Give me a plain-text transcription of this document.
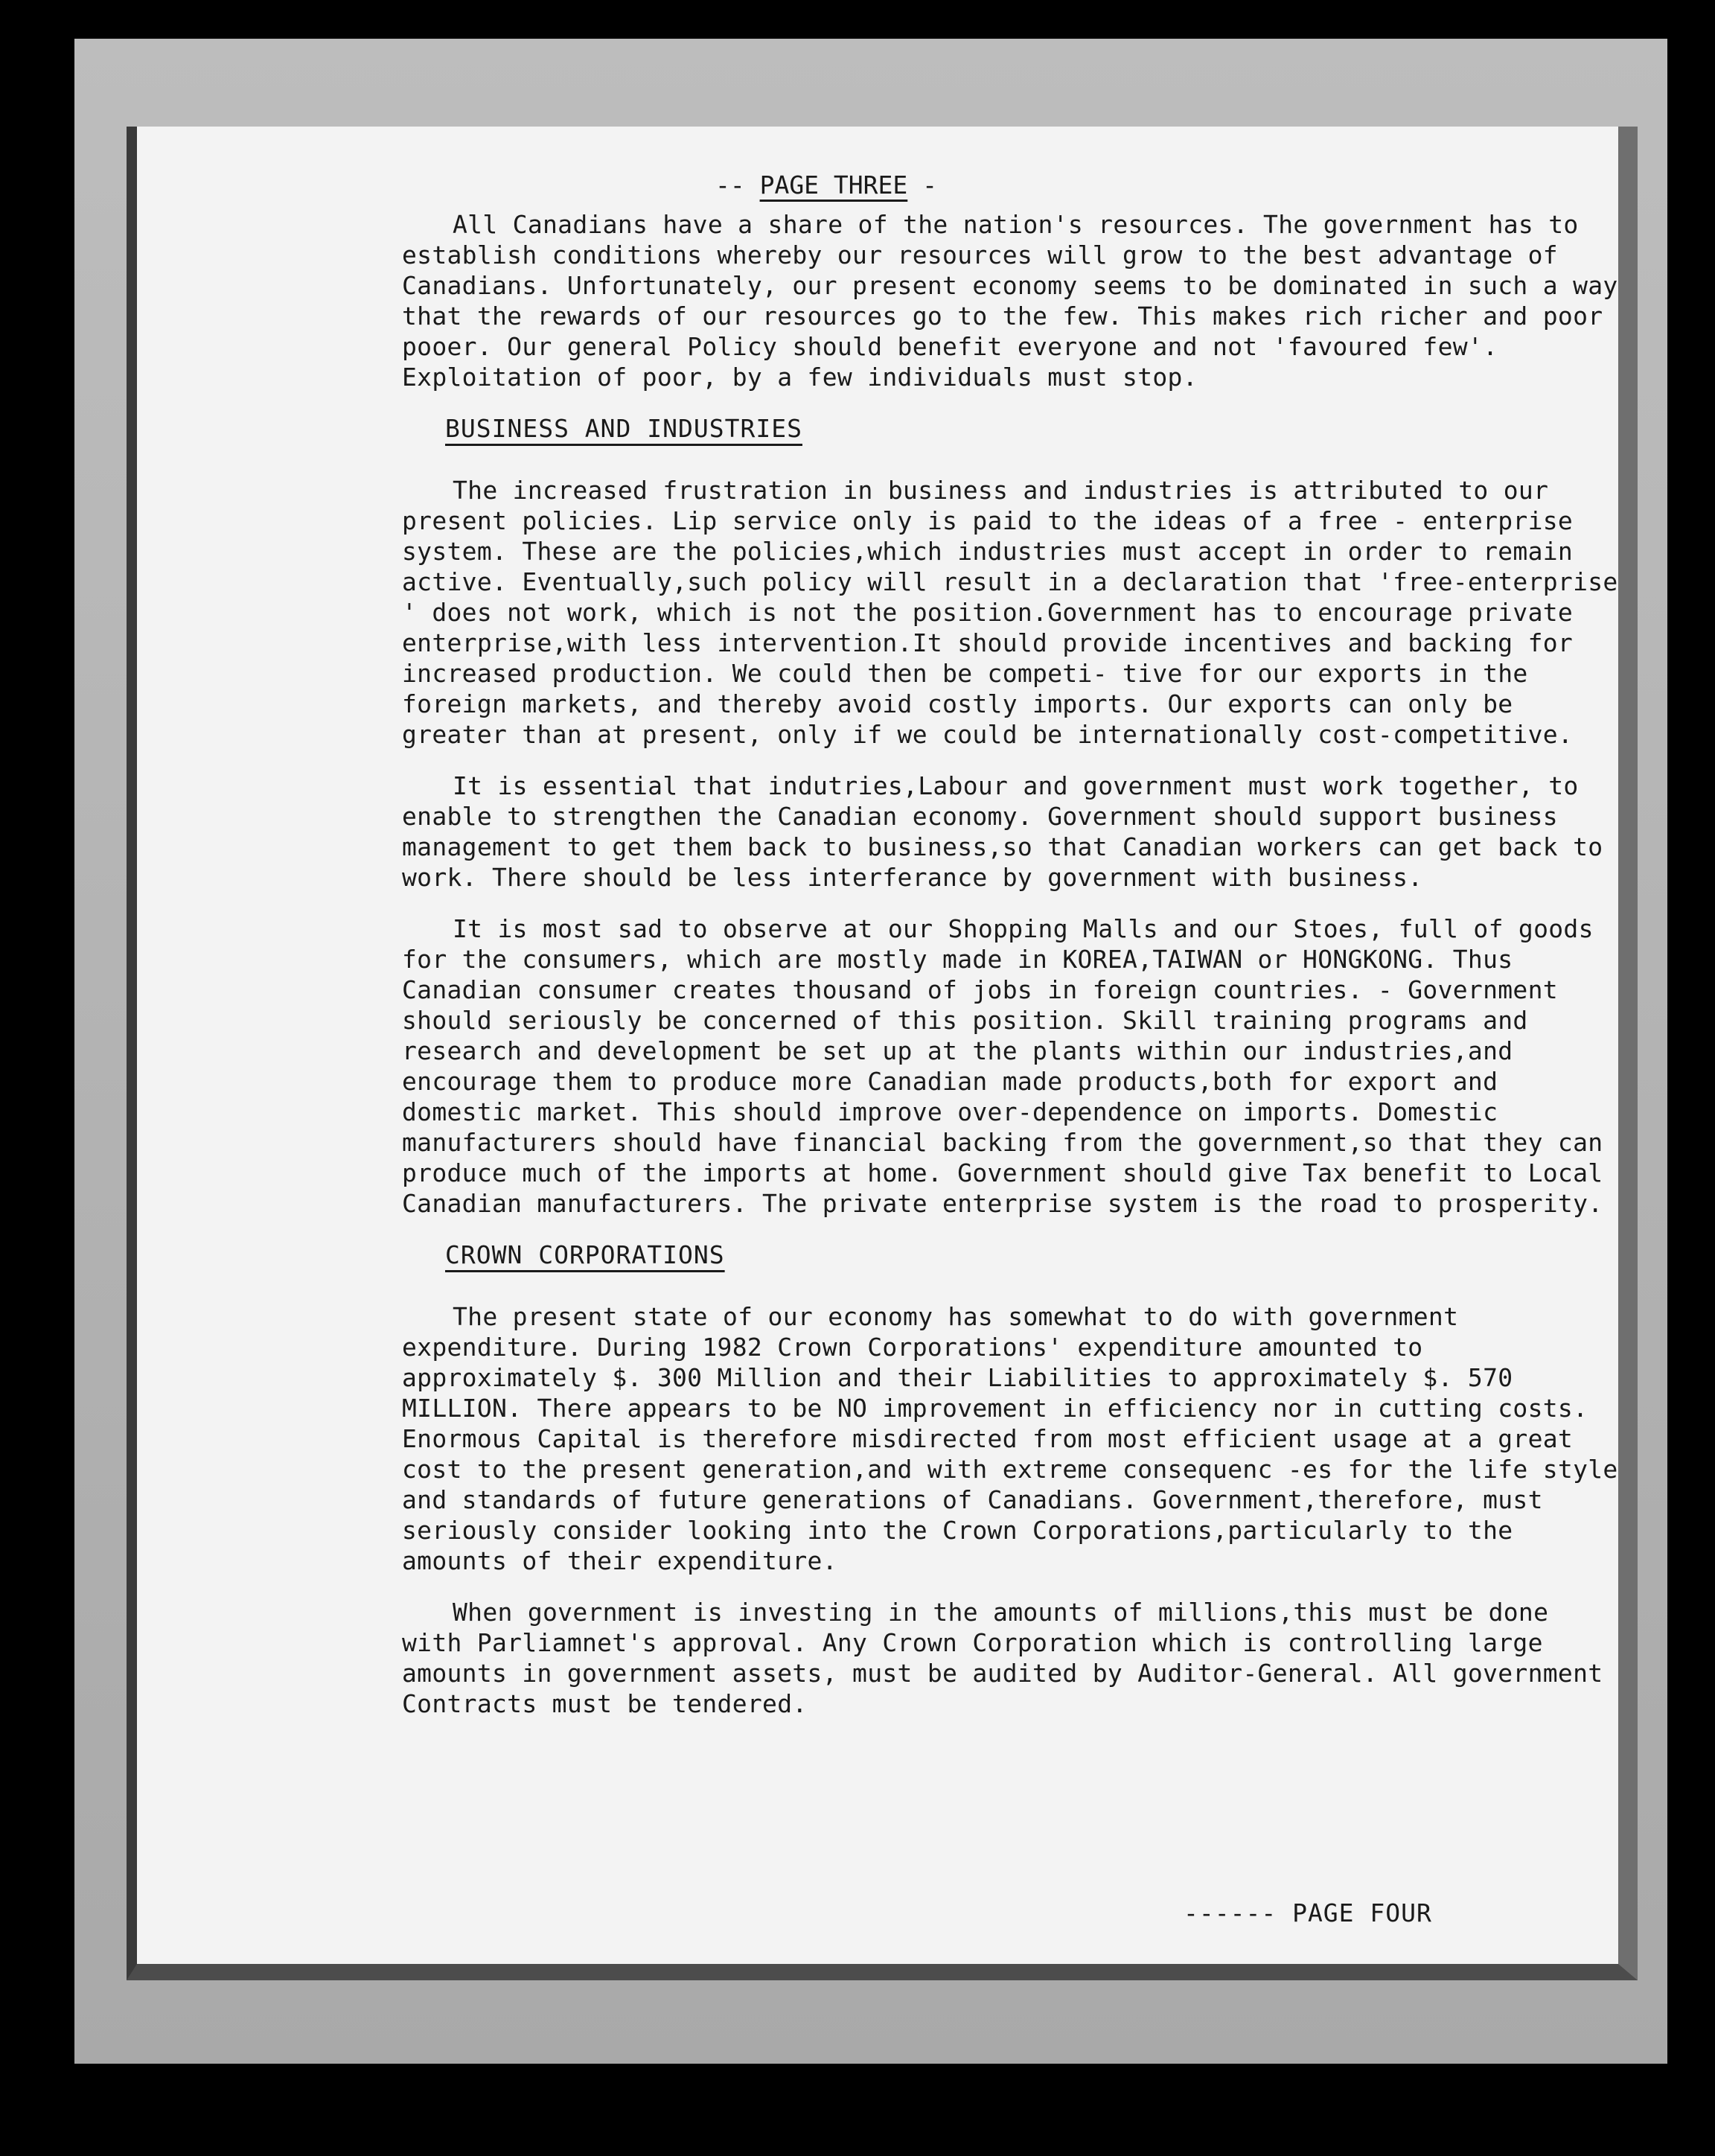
-- PAGE THREE -

All Canadians have a share of the nation's resources. The government has to establish conditions whereby our resources will grow to the best advantage of Canadians. Unfortunately, our present economy seems to be dominated in such a way that the rewards of our resources go to the few. This makes rich richer and poor pooer. Our general Policy should benefit everyone and not 'favoured few'. Exploitation of poor, by a few individuals must stop.

BUSINESS AND INDUSTRIES

The increased frustration in business and industries is attributed to our present policies. Lip service only is paid to the ideas of a free - enterprise system. These are the policies,which industries must accept in order to remain active. Eventually,such policy will result in a declaration that 'free-enterprise ' does not work, which is not the position.Government has to encourage private enterprise,with less intervention.It should provide incentives and backing for increased production. We could then be competi- tive for our exports in the foreign markets, and thereby avoid costly imports. Our exports can only be greater than at present, only if we could be internationally cost-competitive.

It is essential that indutries,Labour and government must work together, to enable to strengthen the Canadian economy. Government should support business management to get them back to business,so that Canadian workers can get back to work. There should be less interferance by government with business.

It is most sad to observe at our Shopping Malls and our Stoes, full of goods for the consumers, which are mostly made in KOREA,TAIWAN or HONGKONG. Thus Canadian consumer creates thousand of jobs in foreign countries. - Government should seriously be concerned of this position. Skill training programs and research and development be set up at the plants within our industries,and encourage them to produce more Canadian made products,both for export and domestic market. This should improve over-dependence on imports. Domestic manufacturers should have financial backing from the government,so that they can produce much of the imports at home. Government should give Tax benefit to Local Canadian manufacturers. The private enterprise system is the road to prosperity.

CROWN CORPORATIONS

The present state of our economy has somewhat to do with government expenditure. During 1982 Crown Corporations' expenditure amounted to approximately $. 300 Million and their Liabilities to approximately $. 570 MILLION. There appears to be NO improvement in efficiency nor in cutting costs. Enormous Capital is therefore misdirected from most efficient usage at a great cost to the present generation,and with extreme consequenc -es for the life style and standards of future generations of Canadians. Government,therefore, must seriously consider looking into the Crown Corporations,particularly to the amounts of their expenditure.

When government is investing in the amounts of millions,this must be done with Parliamnet's approval. Any Crown Corporation which is controlling large amounts in government assets, must be audited by Auditor-General. All government Contracts must be tendered.

------ PAGE FOUR
